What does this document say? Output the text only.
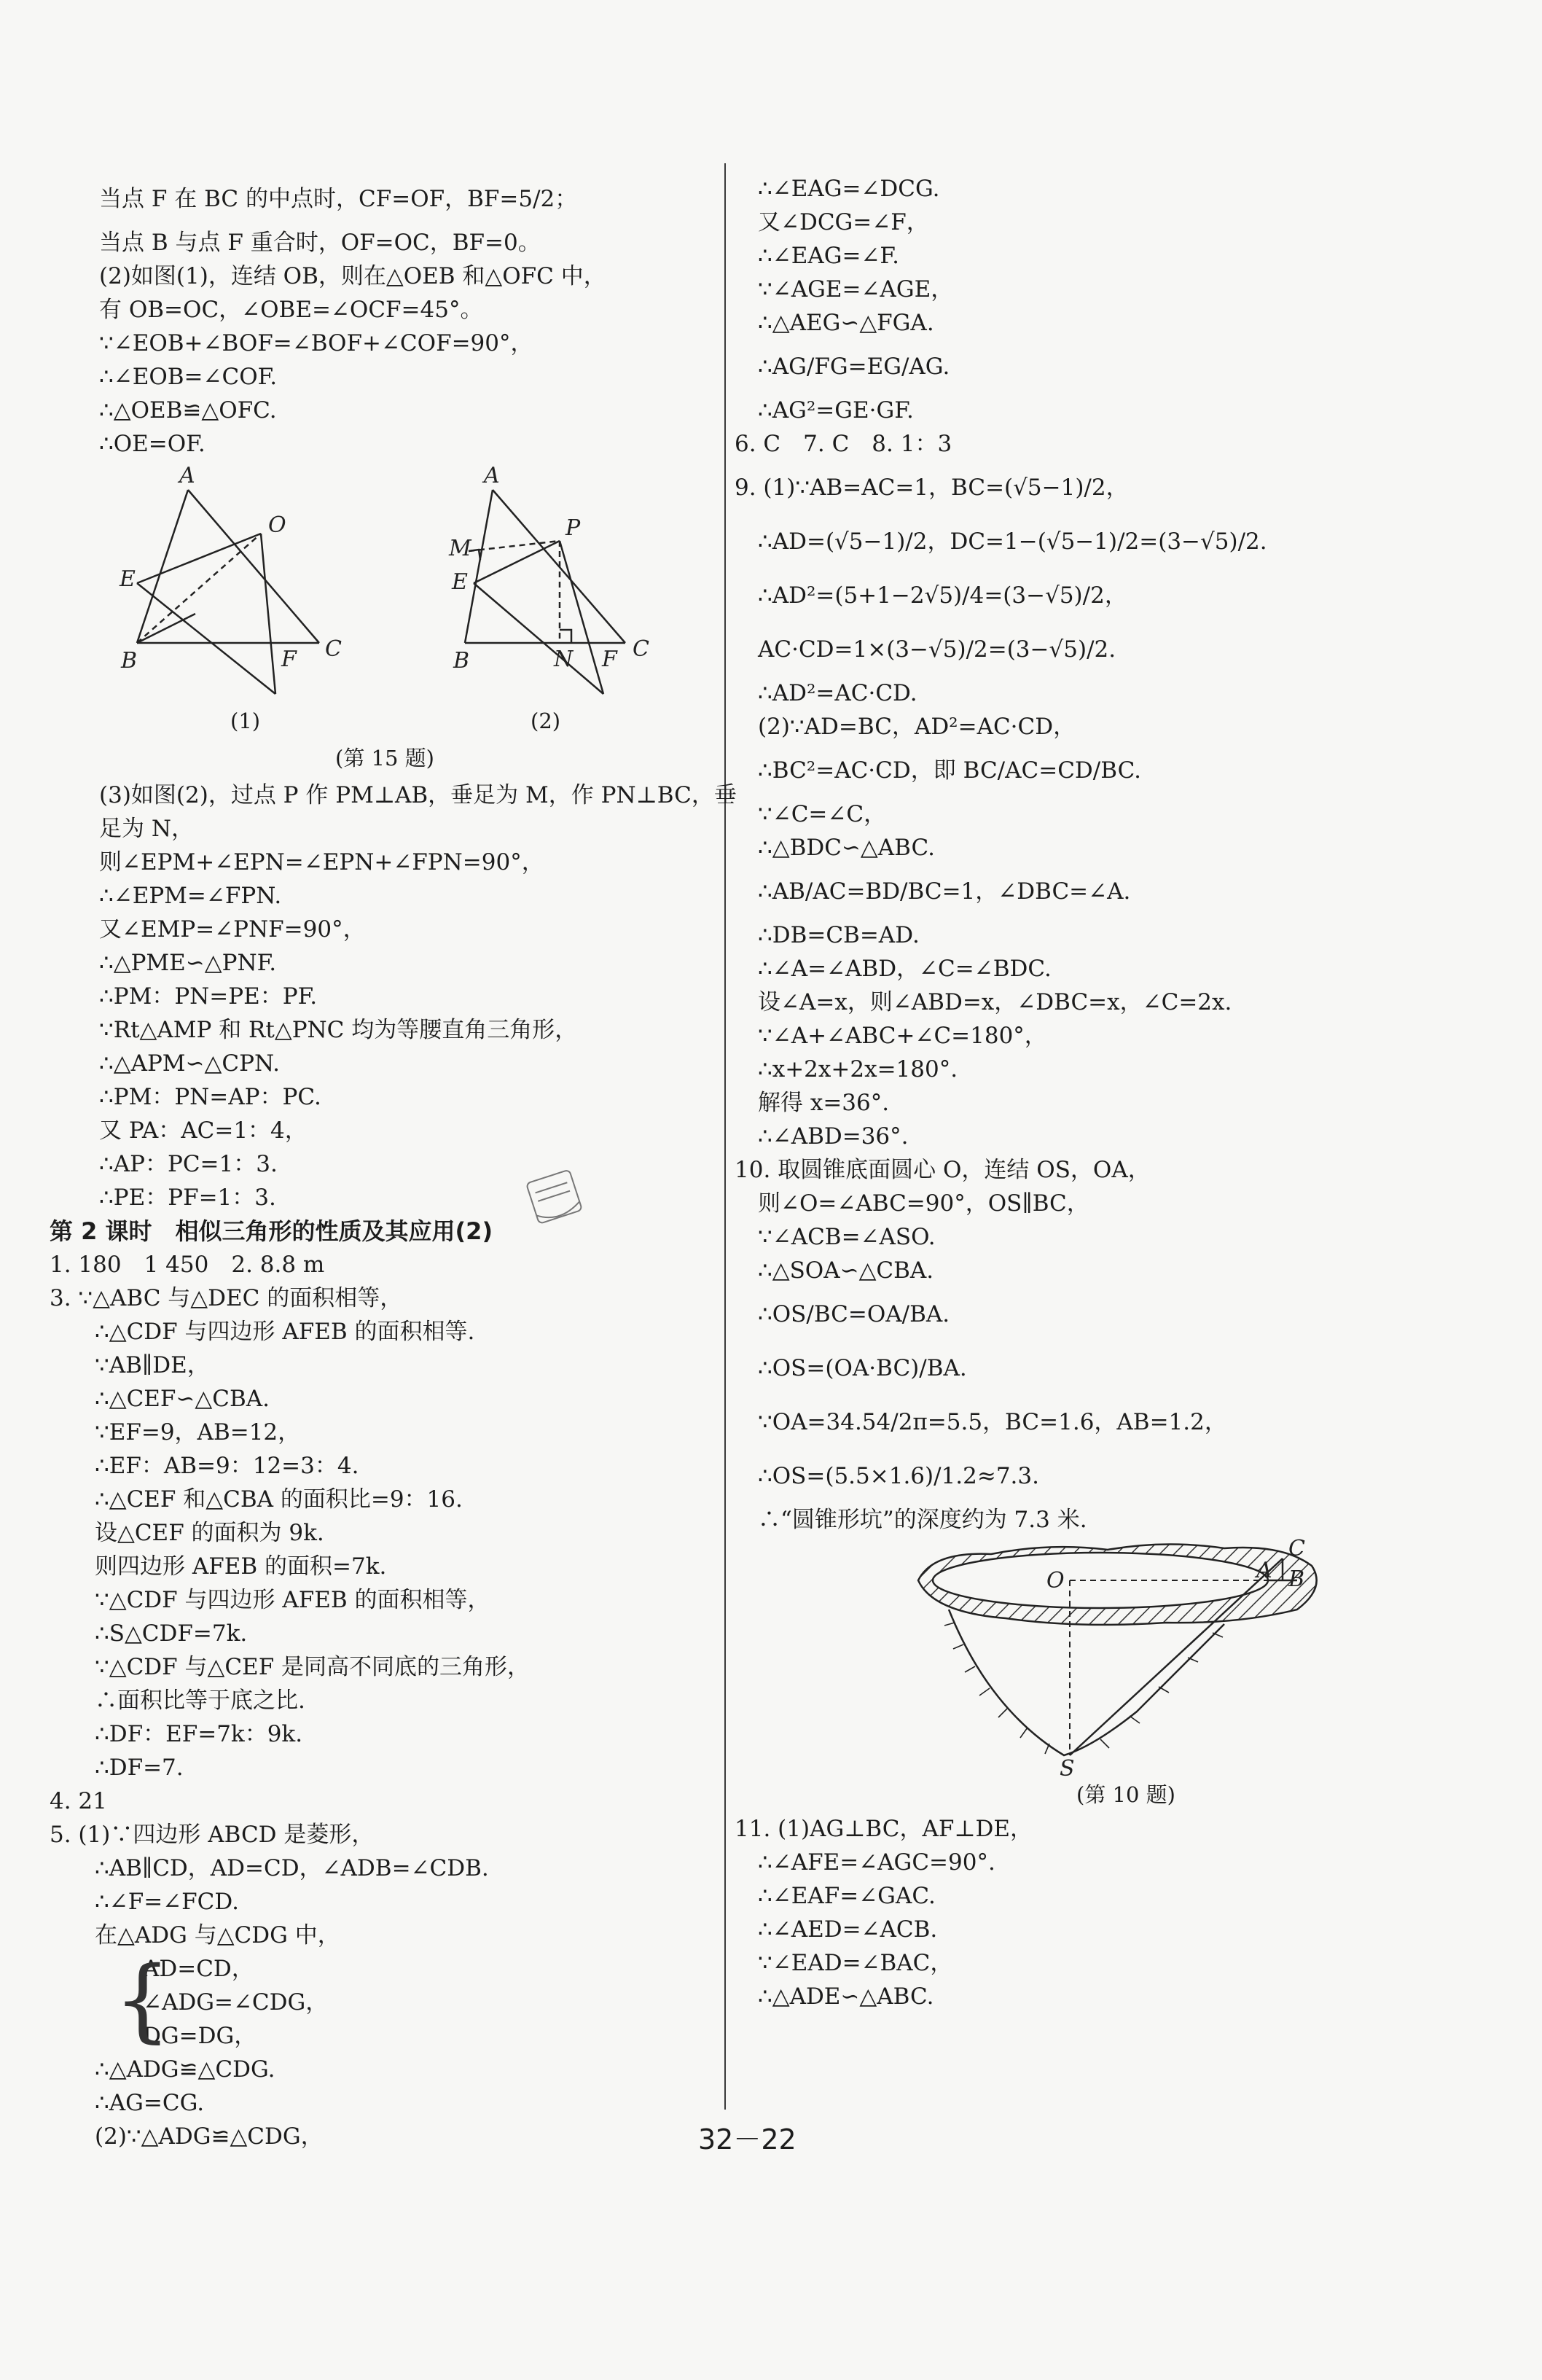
当点 F 在 BC 的中点时，CF=OF，BF=5/2；
当点 B 与点 F 重合时，OF=OC，BF=0。
(2)如图(1)，连结 OB，则在△OEB 和△OFC 中，
有 OB=OC，∠OBE=∠OCF=45°。
∵∠EOB+∠BOF=∠BOF+∠COF=90°，
∴∠EOB=∠COF.
∴△OEB≌△OFC.
∴OE=OF.
A
E
O
B	F C
A
M
P
E
B	N F C
(1)	(2)
(第 15 题)
(3)如图(2)，过点 P 作 PM⊥AB，垂足为 M，作 PN⊥BC，垂
足为 N，
则∠EPM+∠EPN=∠EPN+∠FPN=90°，
∴∠EPM=∠FPN.
又∠EMP=∠PNF=90°，
∴△PME∽△PNF.
∴PM：PN=PE：PF.
∵Rt△AMP 和 Rt△PNC 均为等腰直角三角形，
∴△APM∽△CPN.
∴PM：PN=AP：PC.
又 PA：AC=1：4，
∴AP：PC=1：3.
∴PE：PF=1：3.
第 2 课时　相似三角形的性质及其应用(2)
1. 180　1 450　2. 8.8 m
3. ∵△ABC 与△DEC 的面积相等，
∴△CDF 与四边形 AFEB 的面积相等.
∵AB∥DE，
∴△CEF∽△CBA.
∵EF=9，AB=12，
∴EF：AB=9：12=3：4.
∴△CEF 和△CBA 的面积比=9：16.
设△CEF 的面积为 9k.
则四边形 AFEB 的面积=7k.
∵△CDF 与四边形 AFEB 的面积相等，
∴S△CDF=7k.
∵△CDF 与△CEF 是同高不同底的三角形，
∴面积比等于底之比.
∴DF：EF=7k：9k.
∴DF=7.
4. 21
5. (1)∵四边形 ABCD 是菱形，
∴AB∥CD，AD=CD，∠ADB=∠CDB.
∴∠F=∠FCD.
在△ADG 与△CDG 中，
{
AD=CD，
∠ADG=∠CDG，
DG=DG，
∴△ADG≌△CDG.
∴AG=CG.
(2)∵△ADG≌△CDG，
∴∠EAG=∠DCG.
又∠DCG=∠F，
∴∠EAG=∠F.
∵∠AGE=∠AGE，
∴△AEG∽△FGA.
∴AG/FG=EG/AG.
∴AG²=GE·GF.
6. C　7. C　8. 1：3
9. (1)∵AB=AC=1，BC=(√5−1)/2，
∴AD=(√5−1)/2，DC=1−(√5−1)/2=(3−√5)/2.
∴AD²=(5+1−2√5)/4=(3−√5)/2，
AC·CD=1×(3−√5)/2=(3−√5)/2.
∴AD²=AC·CD.
(2)∵AD=BC，AD²=AC·CD，
∴BC²=AC·CD，即 BC/AC=CD/BC.
∵∠C=∠C，
∴△BDC∽△ABC.
∴AB/AC=BD/BC=1，∠DBC=∠A.
∴DB=CB=AD.
∴∠A=∠ABD，∠C=∠BDC.
设∠A=x，则∠ABD=x，∠DBC=x，∠C=2x.
∵∠A+∠ABC+∠C=180°，
∴x+2x+2x=180°.
解得 x=36°.
∴∠ABD=36°.
10. 取圆锥底面圆心 O，连结 OS，OA，
则∠O=∠ABC=90°，OS∥BC，
∵∠ACB=∠ASO.
∴△SOA∽△CBA.
∴OS/BC=OA/BA.
∴OS=(OA·BC)/BA.
∵OA=34.54/2π=5.5，BC=1.6，AB=1.2，
∴OS=(5.5×1.6)/1.2≈7.3.
∴“圆锥形坑”的深度约为 7.3 米.
C
O	A B
S
(第 10 题)
11. (1)AG⊥BC，AF⊥DE，
∴∠AFE=∠AGC=90°.
∴∠EAF=∠GAC.
∴∠AED=∠ACB.
∵∠EAD=∠BAC，
∴△ADE∽△ABC.
32－22
